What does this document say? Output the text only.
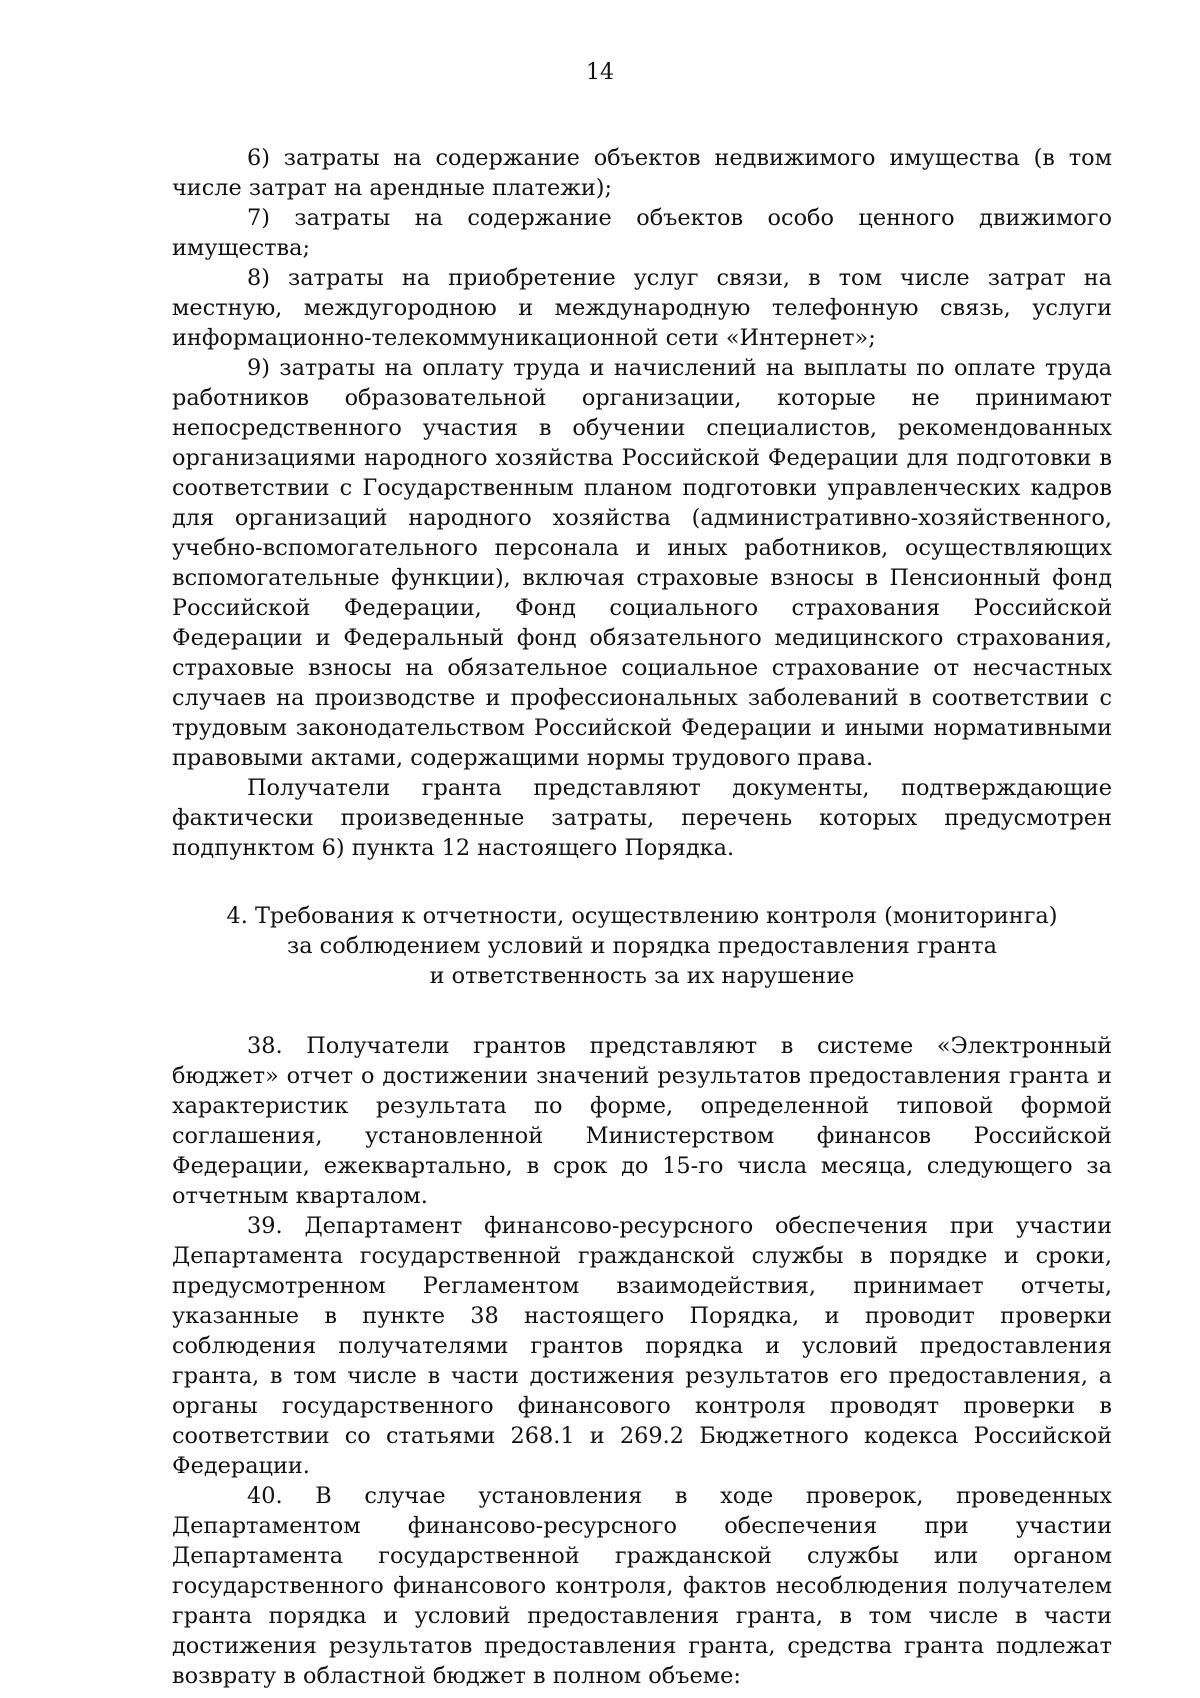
14

6) затраты на содержание объектов недвижимого имущества (в том числе затрат на арендные платежи);

7) затраты на содержание объектов особо ценного движимого имущества;

8) затраты на приобретение услуг связи, в том числе затрат на местную, междугородною и международную телефонную связь, услуги информационно-телекоммуникационной сети «Интернет»;

9) затраты на оплату труда и начислений на выплаты по оплате труда работников образовательной организации, которые не принимают непосредственного участия в обучении специалистов, рекомендованных организациями народного хозяйства Российской Федерации для подготовки в соответствии с Государственным планом подготовки управленческих кадров для организаций народного хозяйства (административно-хозяйственного, учебно-вспомогательного персонала и иных работников, осуществляющих вспомогательные функции), включая страховые взносы в Пенсионный фонд Российской Федерации, Фонд социального страхования Российской Федерации и Федеральный фонд обязательного медицинского страхования, страховые взносы на обязательное социальное страхование от несчастных случаев на производстве и профессиональных заболеваний в соответствии с трудовым законодательством Российской Федерации и иными нормативными правовыми актами, содержащими нормы трудового права.

Получатели гранта представляют документы, подтверждающие фактически произведенные затраты, перечень которых предусмотрен подпунктом 6) пункта 12 настоящего Порядка.

4. Требования к отчетности, осуществлению контроля (мониторинга)
за соблюдением условий и порядка предоставления гранта
и ответственность за их нарушение

38. Получатели грантов представляют в системе «Электронный бюджет» отчет о достижении значений результатов предоставления гранта и характеристик результата по форме, определенной типовой формой соглашения, установленной Министерством финансов Российской Федерации, ежеквартально, в срок до 15-го числа месяца, следующего за отчетным кварталом.

39. Департамент финансово-ресурсного обеспечения при участии Департамента государственной гражданской службы в порядке и сроки, предусмотренном Регламентом взаимодействия, принимает отчеты, указанные в пункте 38 настоящего Порядка, и проводит проверки соблюдения получателями грантов порядка и условий предоставления гранта, в том числе в части достижения результатов его предоставления, а органы государственного финансового контроля проводят проверки в соответствии со статьями 268.1 и 269.2 Бюджетного кодекса Российской Федерации.

40. В случае установления в ходе проверок, проведенных Департаментом финансово-ресурсного обеспечения при участии Департамента государственной гражданской службы или органом государственного финансового контроля, фактов несоблюдения получателем гранта порядка и условий предоставления гранта, в том числе в части достижения результатов предоставления гранта, средства гранта подлежат возврату в областной бюджет в полном объеме:
